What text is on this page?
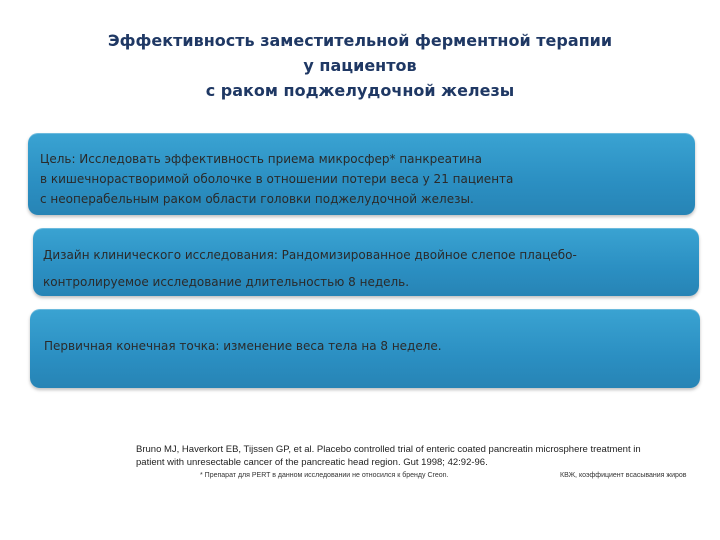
Эффективность заместительной ферментной терапии
у пациентов
с раком поджелудочной железы
Цель: Исследовать эффективность приема микросфер* панкреатина
в кишечнорастворимой оболочке в отношении потери веса у 21 пациента
с неоперабельным раком области головки поджелудочной железы.
Дизайн клинического исследования: Рандомизированное двойное слепое плацебо-
контролируемое исследование длительностью 8 недель.
Первичная конечная точка: изменение веса тела на 8 неделе.
Bruno MJ, Haverkort EB, Tijssen GP, et al. Placebo controlled trial of enteric coated pancreatin microsphere treatment in
patient with unresectable cancer of the pancreatic head region. Gut 1998; 42:92-96.
* Препарат для PERT в данном исследовании не относился к бренду Creon.	КВЖ, коэффициент всасывания жиров
